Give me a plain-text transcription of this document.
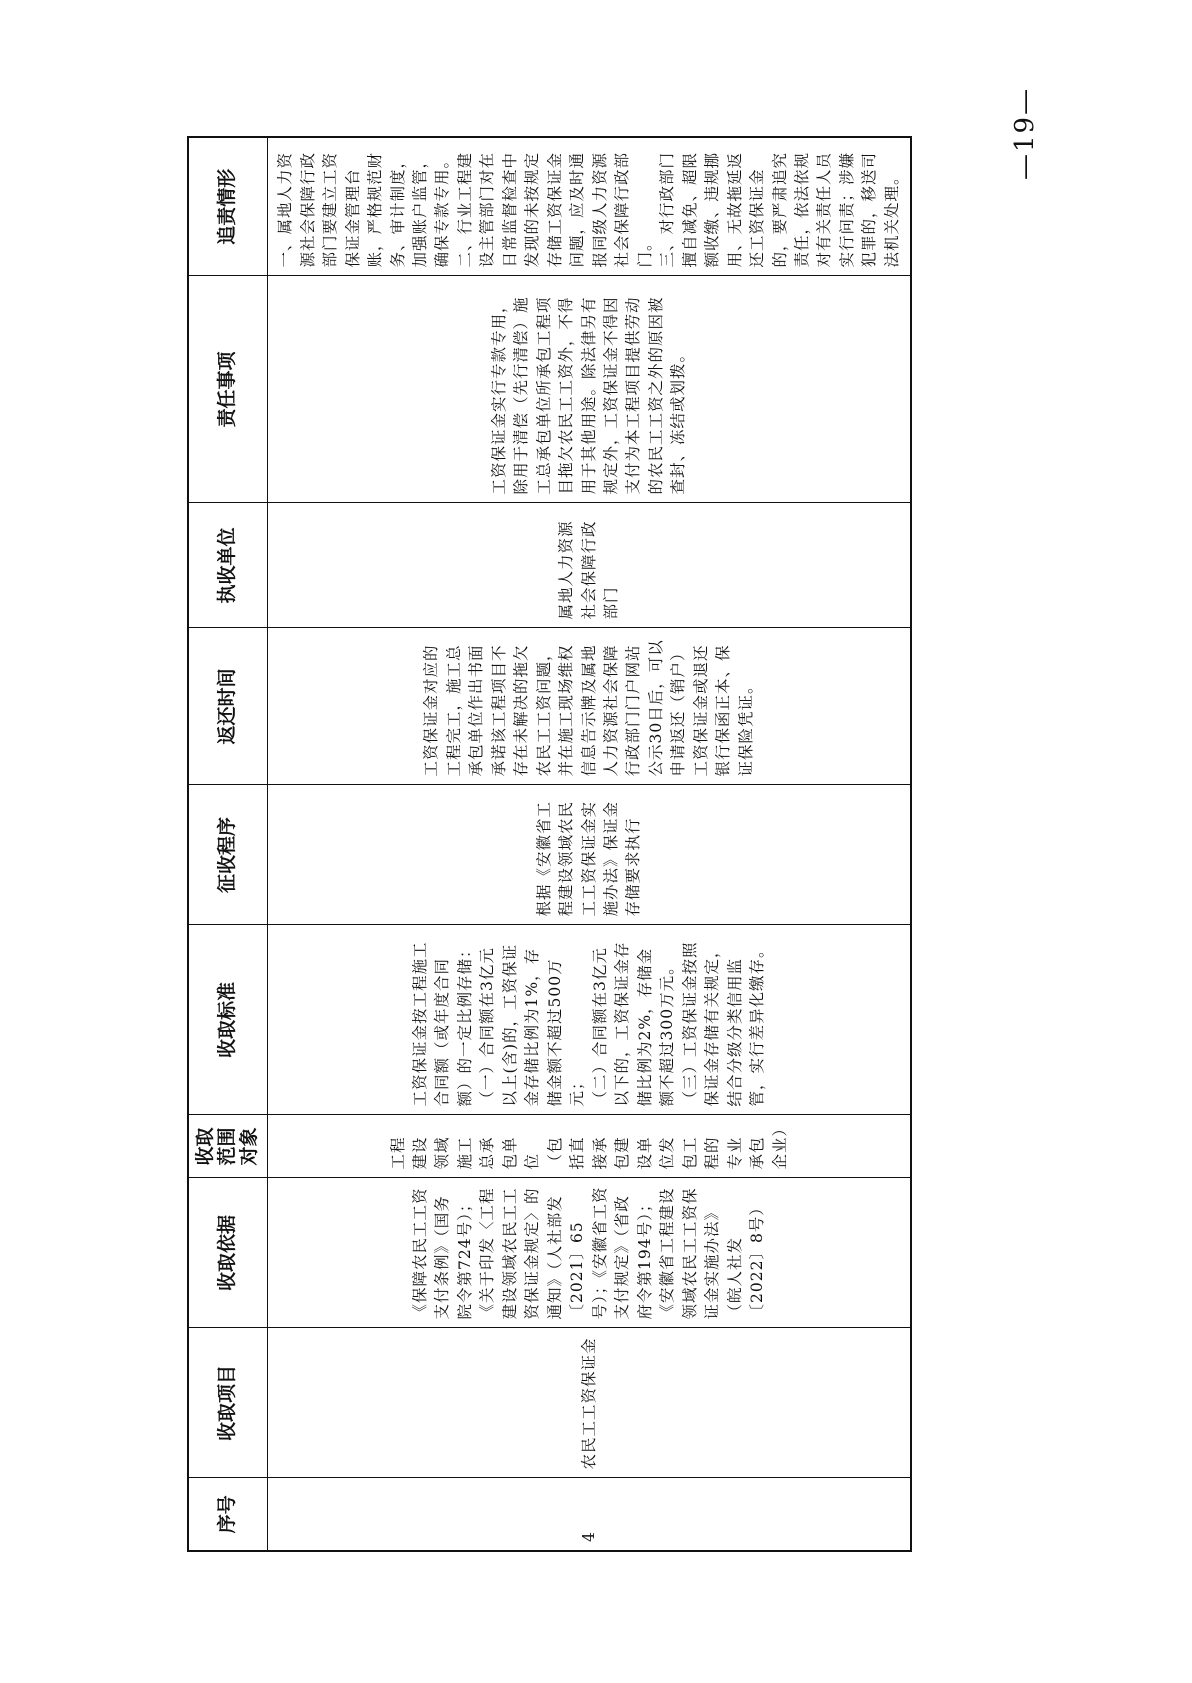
序号	收取项目	收取依据	收取范围对象	收取标准	征收程序	返还时间	执收单位	责任事项	追责情形
4	农民工工资保证金	《保障农民工工资支付条例》（国务院令第724号）；《关于印发〈工程建设领域农民工工资保证金规定〉的通知》（人社部发〔2021〕65号）；《安徽省工资支付规定》（省政府令第194号）；《安徽省工程建设领域农民工工资保证金实施办法》（皖人社发〔2022〕8号）	工程建设领域施工总承包单位（包括直接承包建设单位发包工程的专业承包企业）	工资保证金按工程施工合同额（或年度合同额）的一定比例存储： （一）合同额在3亿元以上(含)的，工资保证金存储比例为1%，存储金额不超过500万元； （二）合同额在3亿元以下的，工资保证金存储比例为2%，存储金额不超过300万元。 （三）工资保证金按照保证金存储有关规定，结合分级分类信用监管，实行差异化缴存。	根据《安徽省工程建设领域农民工工资保证金实施办法》保证金存储要求执行	工资保证金对应的工程完工，施工总承包单位作出书面承诺该工程项目不存在未解决的拖欠农民工工资问题，并在施工现场维权信息告示牌及属地人力资源社会保障行政部门门户网站公示30日后，可以申请返还（销户）工资保证金或退还银行保函正本、保证保险凭证。	属地人力资源社会保障行政部门	工资保证金实行专款专用，除用于清偿（先行清偿）施工总承包单位所承包工程项目拖欠农民工工资外，不得用于其他用途。除法律另有规定外，工资保证金不得因支付为本工程项目提供劳动的农民工工资之外的原因被查封、冻结或划拨。	一、属地人力资源社会保障行政部门要建立工资保证金管理台账，严格规范财务、审计制度，加强账户监管，确保专款专用。 二、行业工程建设主管部门对在日常监督检查中发现的未按规定存储工资保证金问题，应及时通报同级人力资源社会保障行政部门。 三、对行政部门擅自减免、超限额收缴、违规挪用、无故拖延返还工资保证金的，要严肃追究责任，依法依规对有关责任人员实行问责；涉嫌犯罪的，移送司法机关处理。
—19—
